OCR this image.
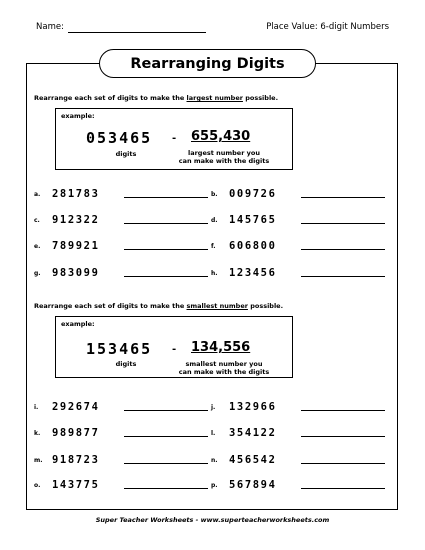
Name:	Place Value: 6-digit Numbers
Rearranging Digits
Rearrange each set of digits to make the largest number possible.
example:
053465
digits
- 655,430
largest number you
can make with the digits
a.	281783	b.	009726
c.	912322	d.	145765
e.	789921	f.	606800
g.	983099	h.	123456
Rearrange each set of digits to make the smallest number possible.
example:
153465
digits
- 134,556
smallest number you
can make with the digits
i.	292674	j.	132966
k.	989877	l.	354122
m. 918723	n.	456542
o.	143775	p.	567894
Super Teacher Worksheets - www.superteacherworksheets.com
